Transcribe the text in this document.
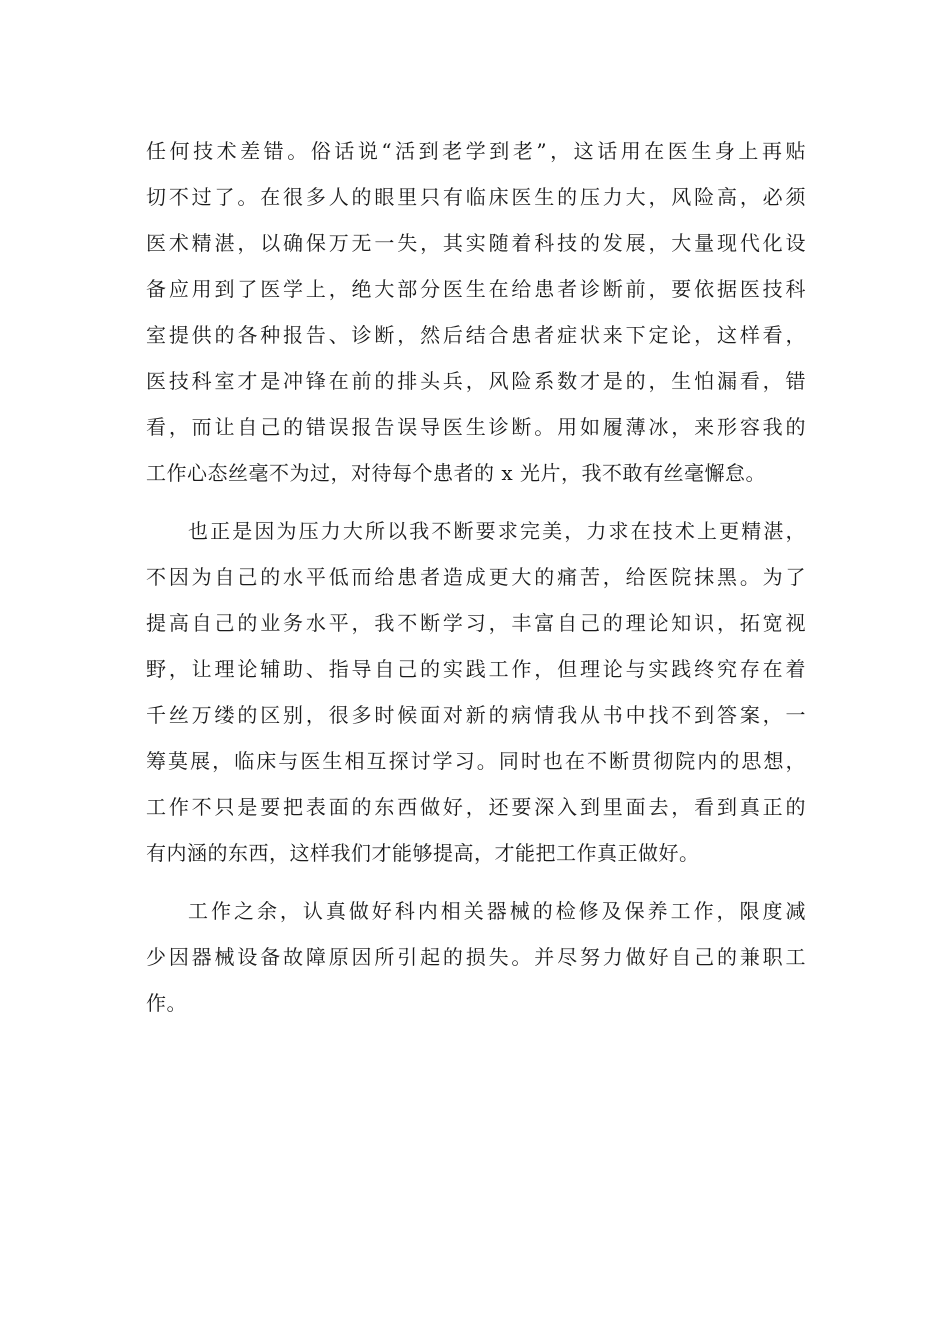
任何技术差错。俗话说“活到老学到老”，这话用在医生身上再贴
切不过了。在很多人的眼里只有临床医生的压力大，风险高，必须
医术精湛，以确保万无一失，其实随着科技的发展，大量现代化设
备应用到了医学上，绝大部分医生在给患者诊断前，要依据医技科
室提供的各种报告、诊断，然后结合患者症状来下定论，这样看，
医技科室才是冲锋在前的排头兵，风险系数才是的，生怕漏看，错
看，而让自己的错误报告误导医生诊断。用如履薄冰，来形容我的
工作心态丝毫不为过，对待每个患者的 x 光片，我不敢有丝毫懈怠。
也正是因为压力大所以我不断要求完美，力求在技术上更精湛，
不因为自己的水平低而给患者造成更大的痛苦，给医院抹黑。为了
提高自己的业务水平，我不断学习，丰富自己的理论知识，拓宽视
野，让理论辅助、指导自己的实践工作，但理论与实践终究存在着
千丝万缕的区别，很多时候面对新的病情我从书中找不到答案，一
筹莫展，临床与医生相互探讨学习。同时也在不断贯彻院内的思想，
工作不只是要把表面的东西做好，还要深入到里面去，看到真正的
有内涵的东西，这样我们才能够提高，才能把工作真正做好。
工作之余，认真做好科内相关器械的检修及保养工作，限度减
少因器械设备故障原因所引起的损失。并尽努力做好自己的兼职工
作。
